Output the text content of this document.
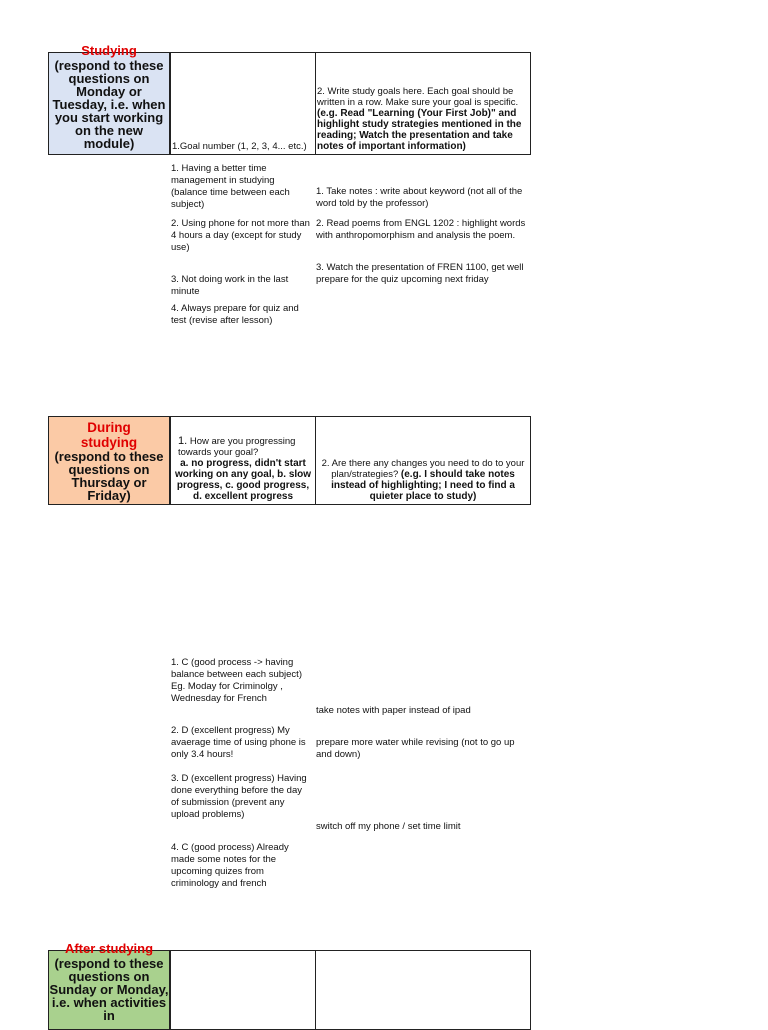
Studying
(respond to these questions on Monday or Tuesday, i.e. when you start working on the new module)	1.Goal number (1, 2, 3, 4... etc.)
2. Write study goals here. Each goal should be written in a row. Make sure your goal is specific. (e.g. Read "Learning (Your First Job)" and highlight study strategies mentioned in the reading; Watch the presentation and take notes of important information)
1. Having a better time management in studying (balance time between each subject)
2. Using phone for not more than 4 hours a day (except for study use)
3. Not doing work in the last minute
4. Always prepare for quiz and test (revise after lesson)
1. Take notes : write about keyword (not all of the word told by the professor)
2. Read poems from ENGL 1202 : highlight words with anthropomorphism and analysis the poem.
3. Watch the presentation of FREN 1100, get well prepare for the quiz upcoming next friday
During studying
(respond to these questions on Thursday or Friday)
1. How are you progressing towards your goal?
a. no progress, didn't start working on any goal, b. slow progress, c. good progress, d. excellent progress
2. Are there any changes you need to do to your plan/strategies? (e.g. I should take notes instead of highlighting; I need to find a quieter place to study)
1. C (good process -> having balance between each subject) Eg. Moday for Criminolgy , Wednesday for French
2. D (excellent progress) My avaerage time of using phone is only 3.4 hours!
3. D (excellent progress) Having done everything before the day of submission (prevent any upload problems)
4. C (good process) Already made some notes for the upcoming quizes from criminology and french
take notes with paper instead of ipad
prepare more water while revising (not to go up and down)
switch off my phone / set time limit
After studying
(respond to these questions on Sunday or Monday, i.e. when activities in
